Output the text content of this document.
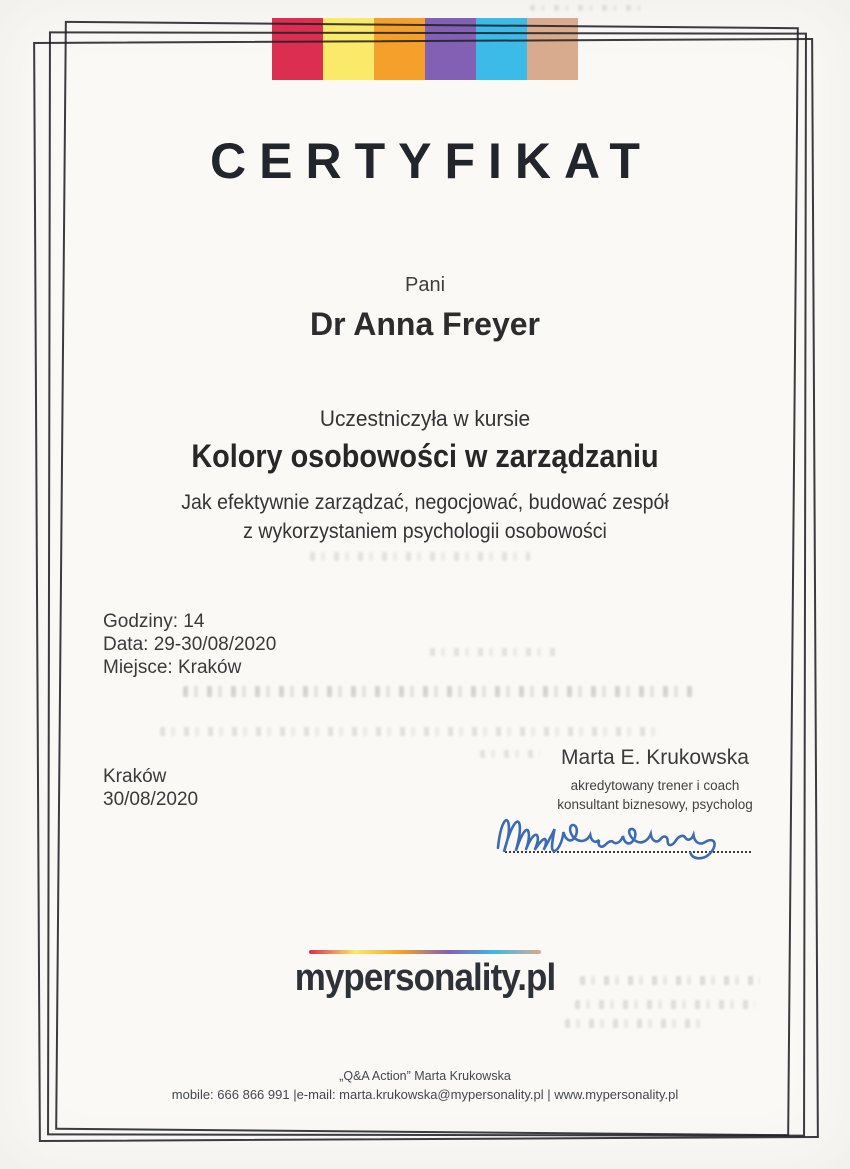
CERTYFIKAT
Pani
Dr Anna Freyer
Uczestniczyła w kursie
Kolory osobowości w zarządzaniu
Jak efektywnie zarządzać, negocjować, budować zespół
z wykorzystaniem psychologii osobowości
Godziny: 14
Data: 29-30/08/2020
Miejsce: Kraków
Kraków
30/08/2020
Marta E. Krukowska
akredytowany trener i coach
konsultant biznesowy, psycholog
mypersonality.pl
„Q&A Action” Marta Krukowska
mobile: 666 866 991 |e-mail: marta.krukowska@mypersonality.pl | www.mypersonality.pl
